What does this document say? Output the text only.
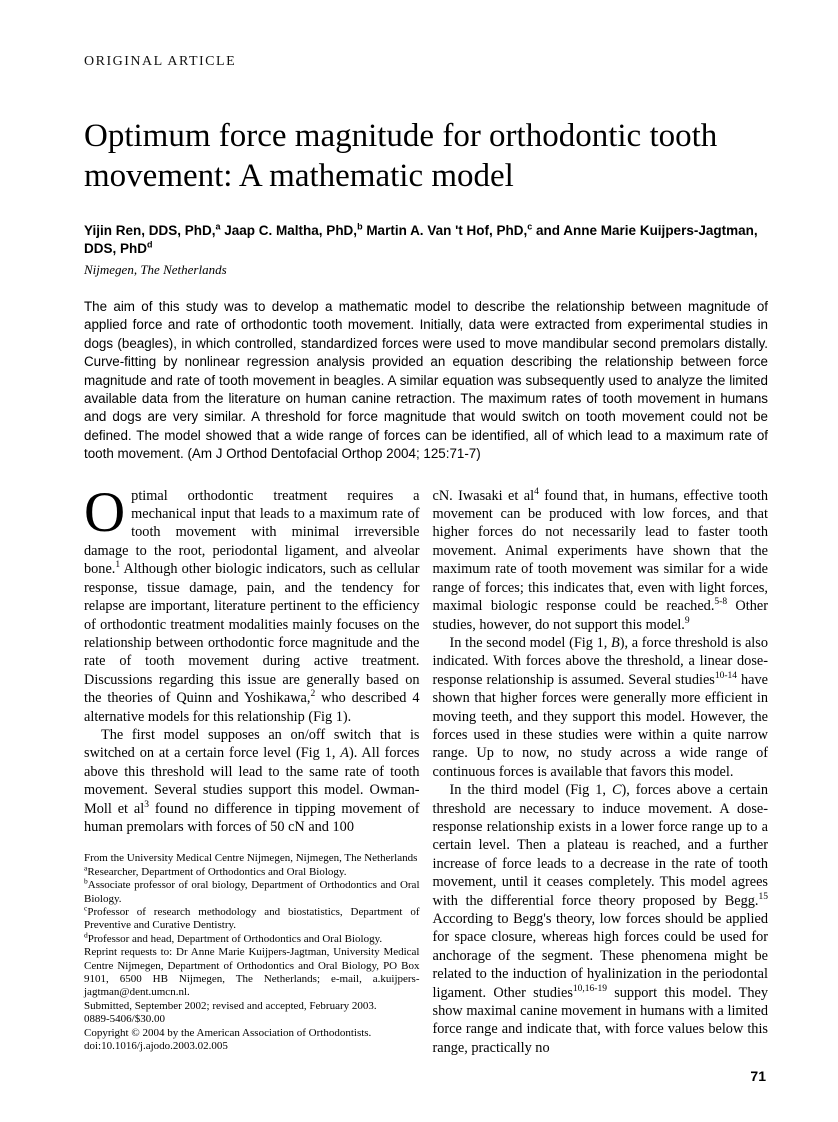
ORIGINAL ARTICLE
Optimum force magnitude for orthodontic tooth movement: A mathematic model
Yijin Ren, DDS, PhD,$^a$ Jaap C. Maltha, PhD,$^b$ Martin A. Van 't Hof, PhD,$^c$ and Anne Marie Kuijpers-Jagtman, DDS, PhD$^d$
Nijmegen, The Netherlands

The aim of this study was to develop a mathematic model to describe the relationship between magnitude of applied force and rate of orthodontic tooth movement. Initially, data were extracted from experimental studies in dogs (beagles), in which controlled, standardized forces were used to move mandibular second premolars distally. Curve-fitting by nonlinear regression analysis provided an equation describing the relationship between force magnitude and rate of tooth movement in beagles. A similar equation was subsequently used to analyze the limited available data from the literature on human canine retraction. The maximum rates of tooth movement in humans and dogs are very similar. A threshold for force magnitude that would switch on tooth movement could not be defined. The model showed that a wide range of forces can be identified, all of which lead to a maximum rate of tooth movement. (Am J Orthod Dentofacial Orthop 2004; 125:71-7)

Optimal orthodontic treatment requires a mechanical input that leads to a maximum rate of tooth movement with minimal irreversible damage to the root, periodontal ligament, and alveolar bone.$^1$ Although other biologic indicators, such as cellular response, tissue damage, pain, and the tendency for relapse are important, literature pertinent to the efficiency of orthodontic treatment modalities mainly focuses on the relationship between orthodontic force magnitude and the rate of tooth movement during active treatment. Discussions regarding this issue are generally based on the theories of Quinn and Yoshikawa,$^2$ who described 4 alternative models for this relationship (Fig 1).

The first model supposes an on/off switch that is switched on at a certain force level (Fig 1, A). All forces above this threshold will lead to the same rate of tooth movement. Several studies support this model. Owman-Moll et $al^3$ found no difference in tipping movement of human premolars with forces of 50 cN and 100

From the University Medical Centre Nijmegen, Nijmegen, The Netherlands

$^a$Researcher, Department of Orthodontics and Oral Biology.

$^b$Associate professor of oral biology, Department of Orthodontics and Oral Biology.

$^c$Professor of research methodology and biostatistics, Department of Preventive and Curative Dentistry.

$^d$Professor and head, Department of Orthodontics and Oral Biology.

Reprint requests to: Dr Anne Marie Kuijpers-Jagtman, University Medical Centre Nijmegen, Department of Orthodontics and Oral Biology, PO Box 9101, 6500 HB Nijmegen, The Netherlands; e-mail, a.kuijpers-jagtman@dent.umcn.nl.

Submitted, September 2002; revised and accepted, February 2003.

0889-5406/$30.00

Copyright © 2004 by the American Association of Orthodontists.

doi:10.1016/j.ajodo.2003.02.005

cN. Iwasaki et $al^4$ found that, in humans, effective tooth movement can be produced with low forces, and that higher forces do not necessarily lead to faster tooth movement. Animal experiments have shown that the maximum rate of tooth movement was similar for a wide range of forces; this indicates that, even with light forces, maximal biologic response could be reached.$^{5-8}$ Other studies, however, do not support this model.$^9$

In the second model (Fig 1, B), a force threshold is also indicated. With forces above the threshold, a linear dose-response relationship is assumed. Several studies$^{10-14}$ have shown that higher forces were generally more efficient in moving teeth, and they support this model. However, the forces used in these studies were within a quite narrow range. Up to now, no study across a wide range of continuous forces is available that favors this model.

In the third model (Fig 1, C), forces above a certain threshold are necessary to induce movement. A dose-response relationship exists in a lower force range up to a certain level. Then a plateau is reached, and a further increase of force leads to a decrease in the rate of tooth movement, until it ceases completely. This model agrees with the differential force theory proposed by Begg.$^{15}$ According to Begg's theory, low forces should be applied for space closure, whereas high forces could be used for anchorage of the segment. These phenomena might be related to the induction of hyalinization in the periodontal ligament. Other studies$^{10,16-19}$ support this model. They show maximal canine movement in humans with a limited force range and indicate that, with force values below this range, practically no

71
